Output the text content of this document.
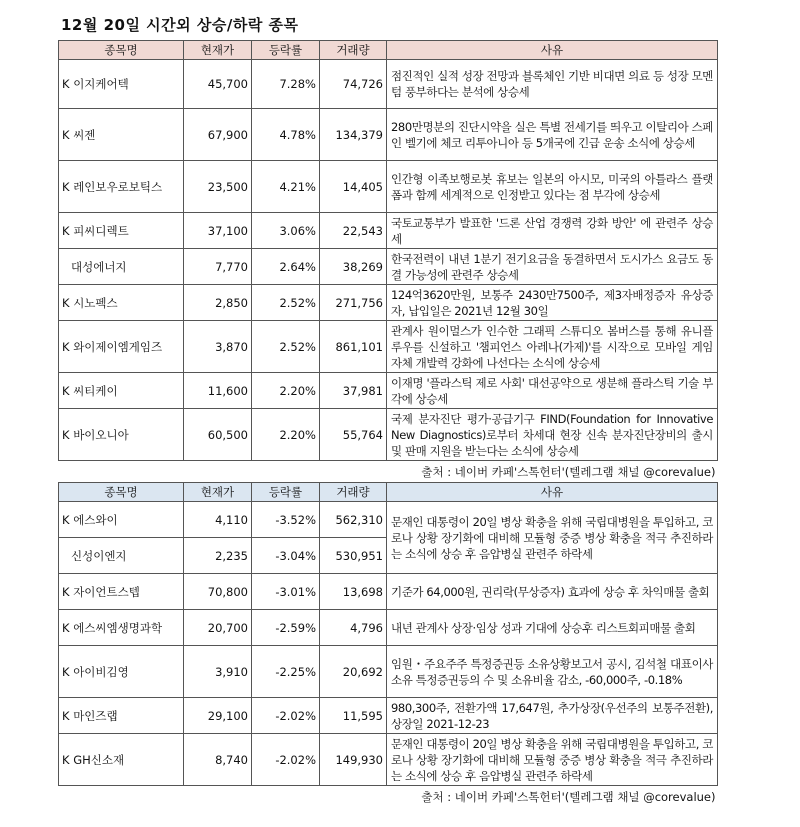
12월 20일 시간외 상승/하락 종목
종목명	현재가	등락률	거래량	사유
K 이지케어텍	45,700	7.28%	74,726	점진적인 실적 성장 전망과 블록체인 기반 비대면 의료 등 성장 모멘텀 풍부하다는 분석에 상승세
K 씨젠	67,900	4.78%	134,379	280만명분의 진단시약을 실은 특별 전세기를 띄우고 이탈리아 스페인 벨기에 체코 리투아니아 등 5개국에 긴급 운송 소식에 상승세
K 레인보우로보틱스	23,500	4.21%	14,405	인간형 이족보행로봇 휴보는 일본의 아시모, 미국의 아틀라스 플랫폼과 함께 세계적으로 인정받고 있다는 점 부각에 상승세
K 피씨디렉트	37,100	3.06%	22,543	국토교통부가 발표한 '드론 산업 경쟁력 강화 방안' 에 관련주 상승세
대성에너지	7,770	2.64%	38,269	한국전력이 내년 1분기 전기요금을 동결하면서 도시가스 요금도 동결 가능성에 관련주 상승세
K 시노펙스	2,850	2.52%	271,756	124억3620만원, 보통주 2430만7500주, 제3자배정증자 유상증자, 납입일은 2021년 12월 30일
K 와이제이엠게임즈	3,870	2.52%	861,101	관계사 원이멀스가 인수한 그래픽 스튜디오 봄버스를 통해 유니플루우를 신설하고 '챔피언스 아레나(가제)'를 시작으로 모바일 게임 자체 개발력 강화에 나선다는 소식에 상승세
K 씨티케이	11,600	2.20%	37,981	이재명 '플라스틱 제로 사회' 대선공약으로 생분해 플라스틱 기술 부각에 상승세
K 바이오니아	60,500	2.20%	55,764	국제 분자진단 평가·공급기구 FIND(Foundation for Innovative New Diagnostics)로부터 차세대 현장 신속 분자진단장비의 출시 및 판매 지원을 받는다는 소식에 상승세
출처 : 네이버 카페'스톡헌터'(텔레그램 채널 @corevalue)				
종목명	현재가	등락률	거래량	사유
K 에스와이	4,110	-3.52%	562,310	문재인 대통령이 20일 병상 확충을 위해 국립대병원을 투입하고, 코로나 상황 장기화에 대비해 모듈형 중증 병상 확충을 적극 추진하라는 소식에 상승 후 음압병실 관련주 하락세
신성이엔지	2,235	-3.04%	530,951	
K 자이언트스텝	70,800	-3.01%	13,698	기준가 64,000원, 권리락(무상증자) 효과에 상승 후 차익매물 출회
K 에스씨엠생명과학	20,700	-2.59%	4,796	내년 관계사 상장·임상 성과 기대에 상승후 리스트회피매물 출회
K 아이비김영	3,910	-2.25%	20,692	임원・주요주주 특정증권등 소유상황보고서 공시, 김석철 대표이사 소유 특정증권등의 수 및 소유비율 감소, -60,000주, -0.18%
K 마인즈랩	29,100	-2.02%	11,595	980,300주, 전환가액 17,647원, 추가상장(우선주의 보통주전환), 상장일 2021-12-23
K GH신소재	8,740	-2.02%	149,930	문재인 대통령이 20일 병상 확충을 위해 국립대병원을 투입하고, 코로나 상황 장기화에 대비해 모듈형 중증 병상 확충을 적극 추진하라는 소식에 상승 후 음압병실 관련주 하락세
출처 : 네이버 카페'스톡헌터'(텔레그램 채널 @corevalue)				
